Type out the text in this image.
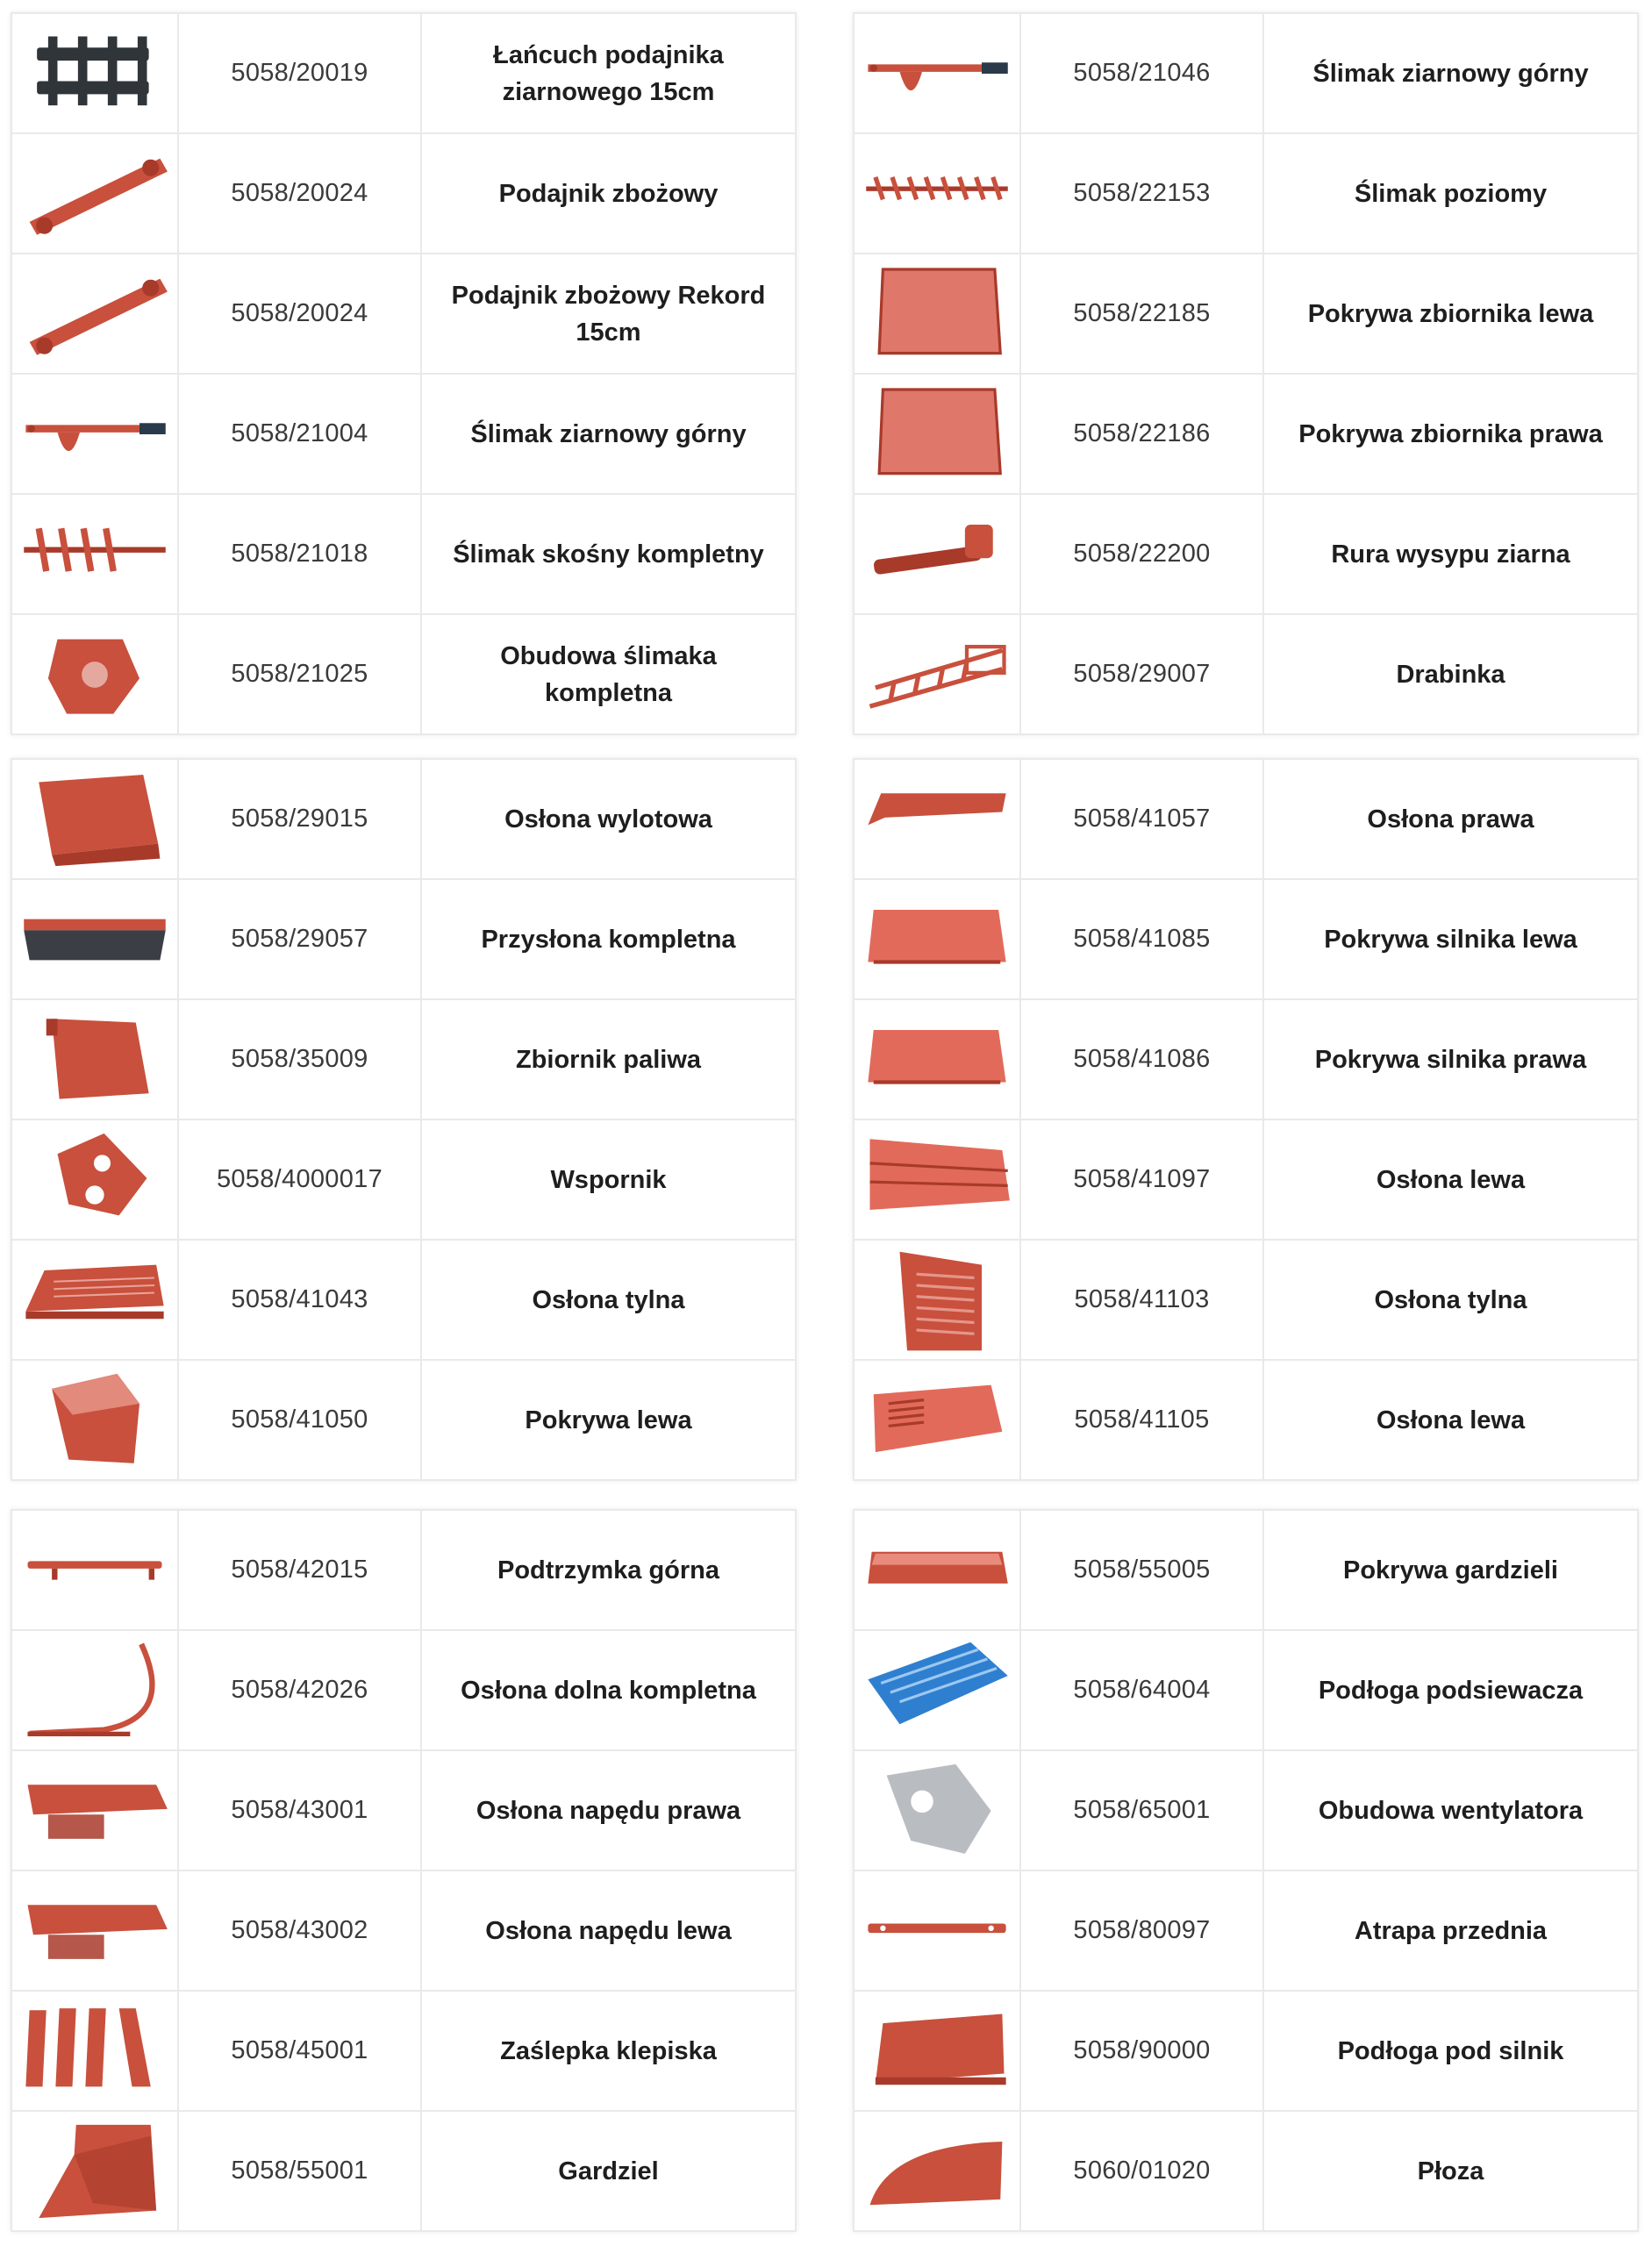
	5058/20019	Łańcuch podajnika ziarnowego 15cm

	5058/20024	Podajnik zbożowy

	5058/20024	Podajnik zbożowy Rekord 15cm

	5058/21004	Ślimak ziarnowy górny

	5058/21018	Ślimak skośny kompletny

	5058/21025	Obudowa ślimaka kompletna
	5058/21046	Ślimak ziarnowy górny

	5058/22153	Ślimak poziomy

	5058/22185	Pokrywa zbiornika lewa

	5058/22186	Pokrywa zbiornika prawa

	5058/22200	Rura wysypu ziarna

	5058/29007	Drabinka
	5058/29015	Osłona wylotowa

	5058/29057	Przysłona kompletna

	5058/35009	Zbiornik paliwa

	5058/4000017	Wspornik

	5058/41043	Osłona tylna

	5058/41050	Pokrywa lewa
	5058/41057	Osłona prawa

	5058/41085	Pokrywa silnika lewa

	5058/41086	Pokrywa silnika prawa

	5058/41097	Osłona lewa

	5058/41103	Osłona tylna

	5058/41105	Osłona lewa
	5058/42015	Podtrzymka górna

	5058/42026	Osłona dolna kompletna

	5058/43001	Osłona napędu prawa

	5058/43002	Osłona napędu lewa

	5058/45001	Zaślepka klepiska

	5058/55001	Gardziel
	5058/55005	Pokrywa gardzieli

	5058/64004	Podłoga podsiewacza

	5058/65001	Obudowa wentylatora

	5058/80097	Atrapa przednia

	5058/90000	Podłoga pod silnik

	5060/01020	Płoza
